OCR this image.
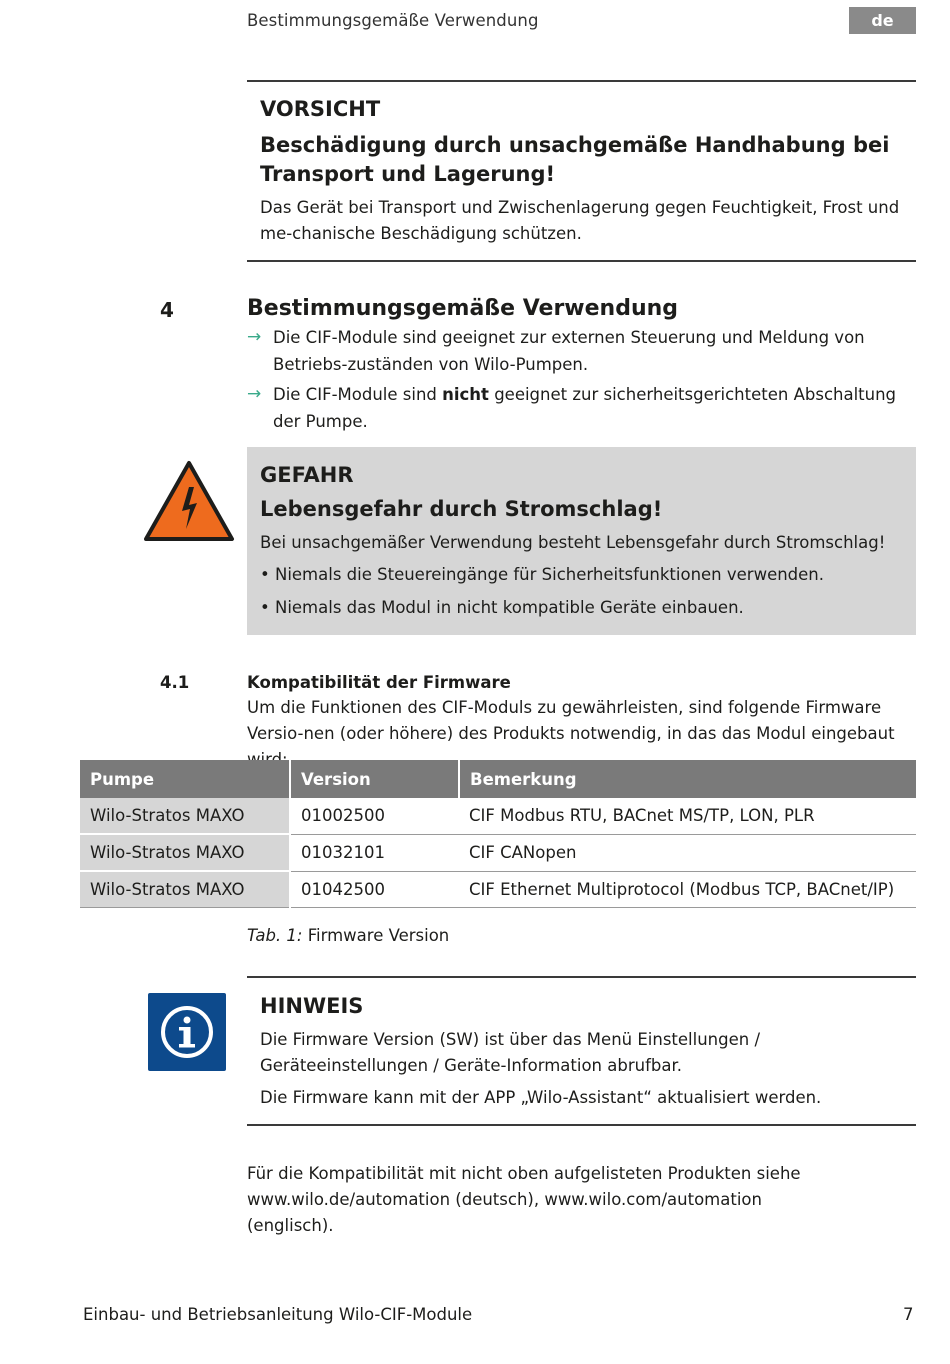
Bestimmungsgemäße Verwendung	de
VORSICHT
Beschädigung durch unsachgemäße Handhabung bei Transport und Lagerung!
Das Gerät bei Transport und Zwischenlagerung gegen Feuchtigkeit, Frost und me-chanische Beschädigung schützen.
4	Bestimmungsgemäße Verwendung
→ Die CIF-Module sind geeignet zur externen Steuerung und Meldung von Betriebs-zuständen von Wilo-Pumpen.
→ Die CIF-Module sind nicht geeignet zur sicherheitsgerichteten Abschaltung der Pumpe.
GEFAHR
Lebensgefahr durch Stromschlag!
Bei unsachgemäßer Verwendung besteht Lebensgefahr durch Stromschlag!
• Niemals die Steuereingänge für Sicherheitsfunktionen verwenden.
• Niemals das Modul in nicht kompatible Geräte einbauen.
4.1	Kompatibilität der Firmware
Um die Funktionen des CIF-Moduls zu gewährleisten, sind folgende Firmware Versio-nen (oder höhere) des Produkts notwendig, in das das Modul eingebaut
Pumpe	Version	Bemerkung
Wilo-Stratos MAXO	01002500	CIF Modbus RTU, BACnet MS/TP, LON, PLR
Wilo-Stratos MAXO	01032101	CIF CANopen
Wilo-Stratos MAXO	01042500	CIF Ethernet Multiprotocol (Modbus TCP, BACnet/IP)
Tab. 1: Firmware Version
HINWEIS
Die Firmware Version (SW) ist über das Menü Einstellungen / Geräteeinstellungen / Geräte-Information abrufbar.
Die Firmware kann mit der APP „Wilo-Assistant“ aktualisiert werden.
Für die Kompatibilität mit nicht oben aufgelisteten Produkten siehe www.wilo.de/automation (deutsch), www.wilo.com/automation (englisch).
Einbau- und Betriebsanleitung Wilo-CIF-Module	7
